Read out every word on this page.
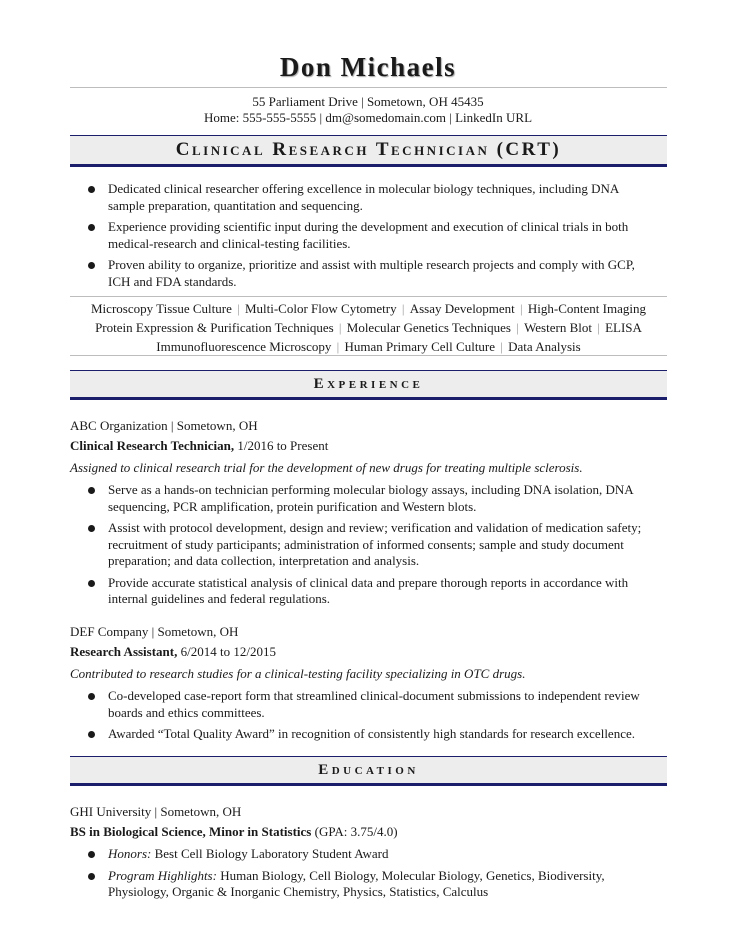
Don Michaels
55 Parliament Drive | Sometown, OH 45435
Home: 555-555-5555 | dm@somedomain.com | LinkedIn URL
Clinical Research Technician (CRT)
Dedicated clinical researcher offering excellence in molecular biology techniques, including DNA sample preparation, quantitation and sequencing.
Experience providing scientific input during the development and execution of clinical trials in both medical-research and clinical-testing facilities.
Proven ability to organize, prioritize and assist with multiple research projects and comply with GCP, ICH and FDA standards.
Microscopy Tissue Culture | Multi-Color Flow Cytometry | Assay Development | High-Content Imaging
Protein Expression & Purification Techniques | Molecular Genetics Techniques | Western Blot | ELISA
Immunofluorescence Microscopy | Human Primary Cell Culture | Data Analysis
Experience
ABC Organization | Sometown, OH
Clinical Research Technician, 1/2016 to Present
Assigned to clinical research trial for the development of new drugs for treating multiple sclerosis.
Serve as a hands-on technician performing molecular biology assays, including DNA isolation, DNA sequencing, PCR amplification, protein purification and Western blots.
Assist with protocol development, design and review; verification and validation of medication safety; recruitment of study participants; administration of informed consents; sample and study document preparation; and data collection, interpretation and analysis.
Provide accurate statistical analysis of clinical data and prepare thorough reports in accordance with internal guidelines and federal regulations.
DEF Company | Sometown, OH
Research Assistant, 6/2014 to 12/2015
Contributed to research studies for a clinical-testing facility specializing in OTC drugs.
Co-developed case-report form that streamlined clinical-document submissions to independent review boards and ethics committees.
Awarded “Total Quality Award” in recognition of consistently high standards for research excellence.
Education
GHI University | Sometown, OH
BS in Biological Science, Minor in Statistics (GPA: 3.75/4.0)
Honors: Best Cell Biology Laboratory Student Award
Program Highlights: Human Biology, Cell Biology, Molecular Biology, Genetics, Biodiversity, Physiology, Organic & Inorganic Chemistry, Physics, Statistics, Calculus
